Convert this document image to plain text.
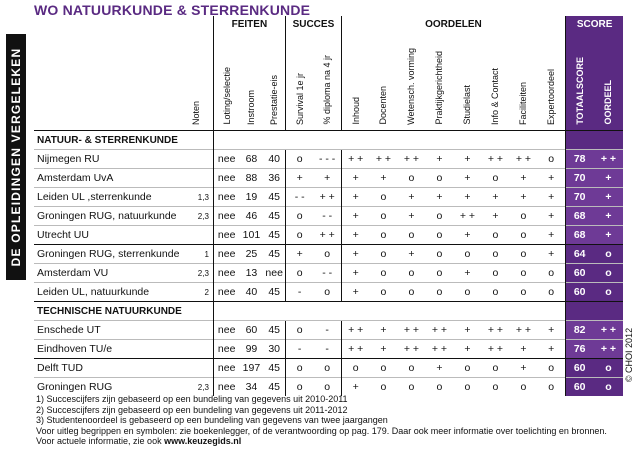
WO NATUURKUNDE & STERRENKUNDE
DE OPLEIDINGEN VERGELEKEN
© CHOI 2012
		FEITEN			SUCCES		OORDELEN								SCORE	
	Noten	Loting/selectie	Instroom	Prestatie-eis	Survival 1e jr	% diploma na 4 jr	Inhoud	Docenten	Wetensch. vorming	Praktijkgerichtheid	Studielast	Info & Contact	Faciliteiten	Expertoordeel	TOTAALSCORE	OORDEEL
NATUUR- & STERRENKUNDE																
Nijmegen RU		nee	68	40	o	- - -	+ +	+ +	+ +	+	+	+ +	+ +	o	78	+ +
Amsterdam UvA		nee	88	36	+	+	+	+	o	o	+	o	+	+	70	+
Leiden UL ,sterrenkunde	1,3	nee	19	45	- -	+ +	+	o	+	+	+	+	+	+	70	+
Groningen RUG, natuurkunde	2,3	nee	46	45	o	- -	+	o	+	o	+ +	+	o	+	68	+
Utrecht UU		nee	101	45	o	+ +	+	o	o	o	+	o	o	+	68	+
Groningen RUG, sterrenkunde	1	nee	25	45	+	o	+	o	+	o	o	o	o	+	64	o
Amsterdam VU	2,3	nee	13	nee	o	- -	+	o	o	o	+	o	o	o	60	o
Leiden UL, natuurkunde	2	nee	40	45	-	o	+	o	o	o	o	o	o	o	60	o
TECHNISCHE NATUURKUNDE																
Enschede UT		nee	60	45	o	-	+ +	+	+ +	+ +	+	+ +	+ +	+	82	+ +
Eindhoven TU/e		nee	99	30	-	-	+ +	+	+ +	+ +	+	+ +	+	+	76	+ +
Delft TUD		nee	197	45	o	o	o	o	o	+	o	o	+	o	60	o
Groningen RUG	2,3	nee	34	45	o	o	+	o	o	o	o	o	o	o	60	o
1) Succescijfers zijn gebaseerd op een bundeling van gegevens uit 2010-2011
2) Succescijfers zijn gebaseerd op een bundeling van gegevens uit 2011-2012
3) Studentenoordeel is gebaseerd op een bundeling van gegevens van twee jaargangen
Voor uitleg begrippen en symbolen: zie boekenlegger, of de verantwoording op pag. 179. Daar ook meer informatie over toelichting en bronnen.
Voor actuele informatie, zie ook www.keuzegids.nl
